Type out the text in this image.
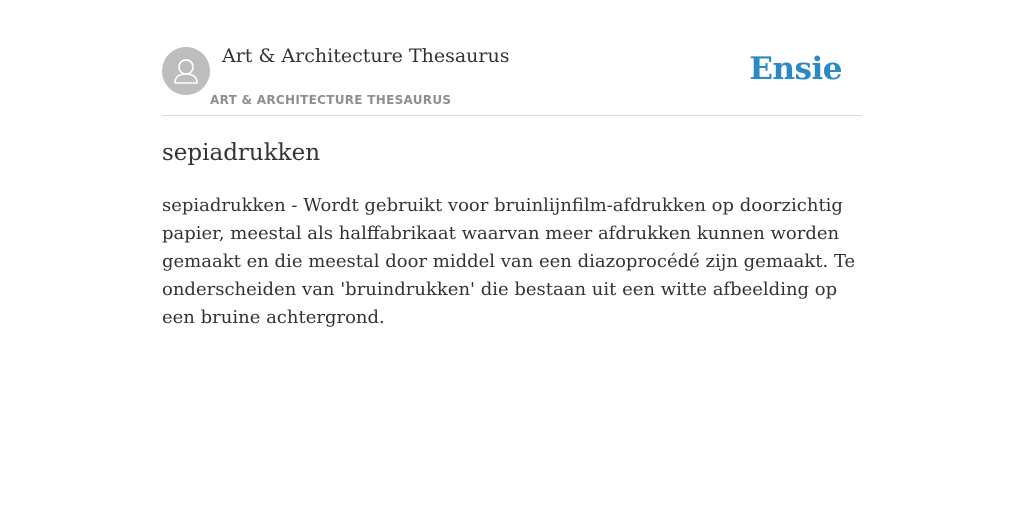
Art & Architecture Thesaurus
ART & ARCHITECTURE THESAURUS
Ensie
sepiadrukken

sepiadrukken - Wordt gebruikt voor bruinlijnfilm-afdrukken op doorzichtig papier, meestal als halffabrikaat waarvan meer afdrukken kunnen worden gemaakt en die meestal door middel van een diazoprocédé zijn gemaakt. Te onderscheiden van 'bruindrukken' die bestaan uit een witte afbeelding op een bruine achtergrond.
